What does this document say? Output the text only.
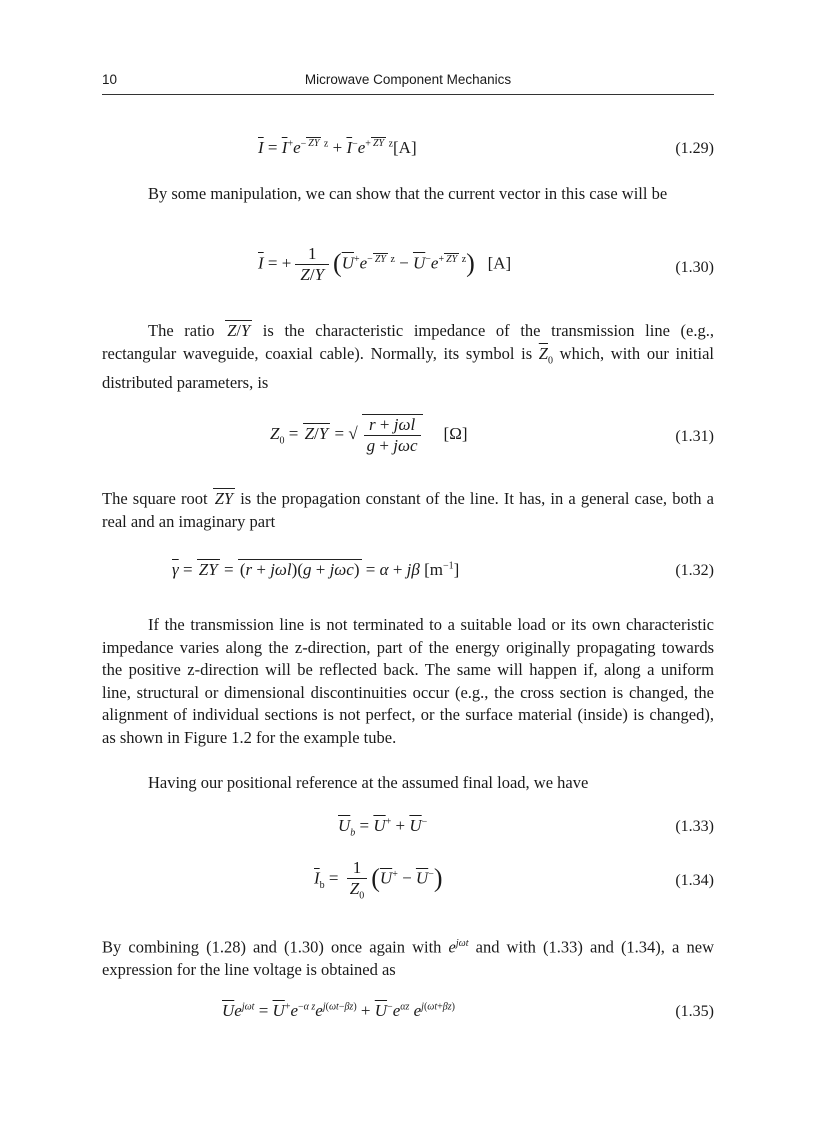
10	Microwave Component Mechanics
$\overline{I} = \overline{I}^+e^{- ZY z} + \overline{I}^-e^{+ ZY z}[A]$	(1.29)

By some manipulation, we can show that the current vector in this case will be

$\overline{I}$ = + $\frac{1}{\overline{Z}/\overline{Y}} (\overline{U}^+e^{- ZY z} - \overline{U}^-e^{+ ZY z})$ [A]	(1.30)

The ratio Z/Y is the characteristic impedance of the transmission line (e.g., rectangular waveguide, coaxial cable). Normally, its symbol is $\overline{Z}_0$ which, with our initial distributed parameters, is

$Z_0 = \overline{Z}/\overline{Y}$ = √ $\frac{\text{r + jωl}}{\text{g + jωc}} [\Omega]$	(1.31)

The square root ZY is the propagation constant of the line. It has, in a general case, both a real and an imaginary part

$\overline{\gamma} = \overline{ZY} = (r + j\omega l)(g + j\omega c) = \alpha + j\beta$ $[m^{-1}]$	(1.32)

If the transmission line is not terminated to a suitable load or its own characteristic impedance varies along the z-direction, part of the energy originally propagating towards the positive z-direction will be reflected back. The same will happen if, along a uniform line, structural or dimensional discontinuities occur (e.g., the cross section is changed, the alignment of individual sections is not perfect, or the surface material (inside) is changed), as shown in Figure 1.2 for the example tube.

Having our positional reference at the assumed final load, we have

$\overline{U}_b = \overline{U}^+ + \overline{U}^-$	(1.33)
$\overline{I}_b = \frac{1}{\overline{Z}_0} (\overline{U}^+ - \overline{U}^-)$	(1.34)

By combining (1.28) and (1.30) once again with $e^{j\omega t}$ and with (1.33) and (1.34), a new expression for the line voltage is obtained as

$\overline{U}e^{j\omega t} = \overline{U}^+e^{-\alpha z}e^{j(\omega t-\beta z)} + \overline{U}^-e^{\alpha z}$ $e^{j(\omega t+\beta z)}$	(1.35)
